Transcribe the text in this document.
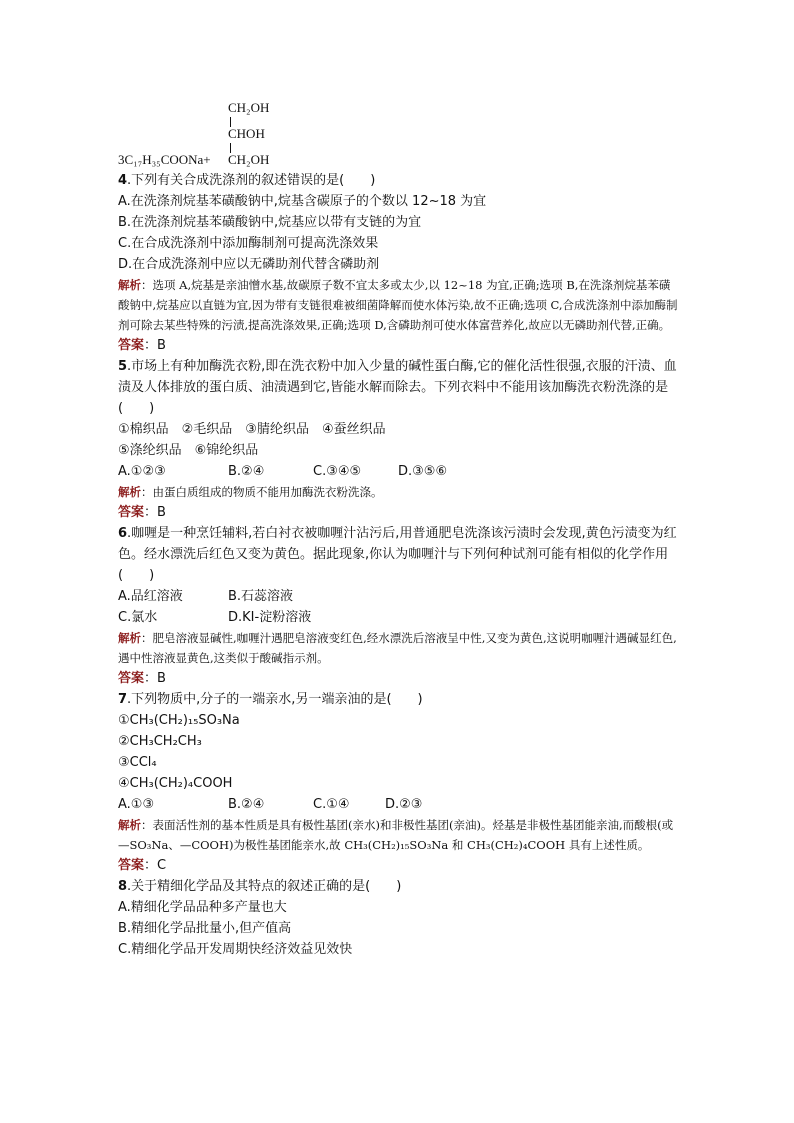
CH₂OH
CHOH
3C₁₇H₃₅COONa+ CH₂OH
4.下列有关合成洗涤剂的叙述错误的是(　　)
A.在洗涤剂烷基苯磺酸钠中,烷基含碳原子的个数以 12~18 为宜
B.在洗涤剂烷基苯磺酸钠中,烷基应以带有支链的为宜
C.在合成洗涤剂中添加酶制剂可提高洗涤效果
D.在合成洗涤剂中应以无磷助剂代替含磷助剂
解析：选项 A,烷基是亲油憎水基,故碳原子数不宜太多或太少,以 12~18 为宜,正确;选项 B,在洗涤剂烷基苯磺酸钠中,烷基应以直链为宜,因为带有支链很难被细菌降解而使水体污染,故不正确;选项 C,合成洗涤剂中添加酶制剂可除去某些特殊的污渍,提高洗涤效果,正确;选项 D,含磷助剂可使水体富营养化,故应以无磷助剂代替,正确。
答案：B
5.市场上有种加酶洗衣粉,即在洗衣粉中加入少量的碱性蛋白酶,它的催化活性很强,衣服的汗渍、血渍及人体排放的蛋白质、油渍遇到它,皆能水解而除去。下列衣料中不能用该加酶洗衣粉洗涤的是(　　)
①棉织品　②毛织品　③腈纶织品　④蚕丝织品
⑤涤纶织品　⑥锦纶织品
A.①②③	B.②④	C.③④⑤	D.③⑤⑥
解析：由蛋白质组成的物质不能用加酶洗衣粉洗涤。
答案：B
6.咖喱是一种烹饪辅料,若白衬衣被咖喱汁沾污后,用普通肥皂洗涤该污渍时会发现,黄色污渍变为红色。经水漂洗后红色又变为黄色。据此现象,你认为咖喱汁与下列何种试剂可能有相似的化学作用(　　)
A.品红溶液	B.石蕊溶液
C.氯水	D.KI-淀粉溶液
解析：肥皂溶液显碱性,咖喱汁遇肥皂溶液变红色,经水漂洗后溶液呈中性,又变为黄色,这说明咖喱汁遇碱显红色,遇中性溶液显黄色,这类似于酸碱指示剂。
答案：B
7.下列物质中,分子的一端亲水,另一端亲油的是(　　)
①CH₃(CH₂)₁₅SO₃Na
②CH₃CH₂CH₃
③CCl₄
④CH₃(CH₂)₄COOH
A.①③	B.②④	C.①④	D.②③
解析：表面活性剂的基本性质是具有极性基团(亲水)和非极性基团(亲油)。烃基是非极性基团能亲油,而酸根(或—SO₃Na、—COOH)为极性基团能亲水,故 CH₃(CH₂)₁₅SO₃Na 和 CH₃(CH₂)₄COOH 具有上述性质。
答案：C
8.关于精细化学品及其特点的叙述正确的是(　　)
A.精细化学品品种多产量也大
B.精细化学品批量小,但产值高
C.精细化学品开发周期快经济效益见效快
